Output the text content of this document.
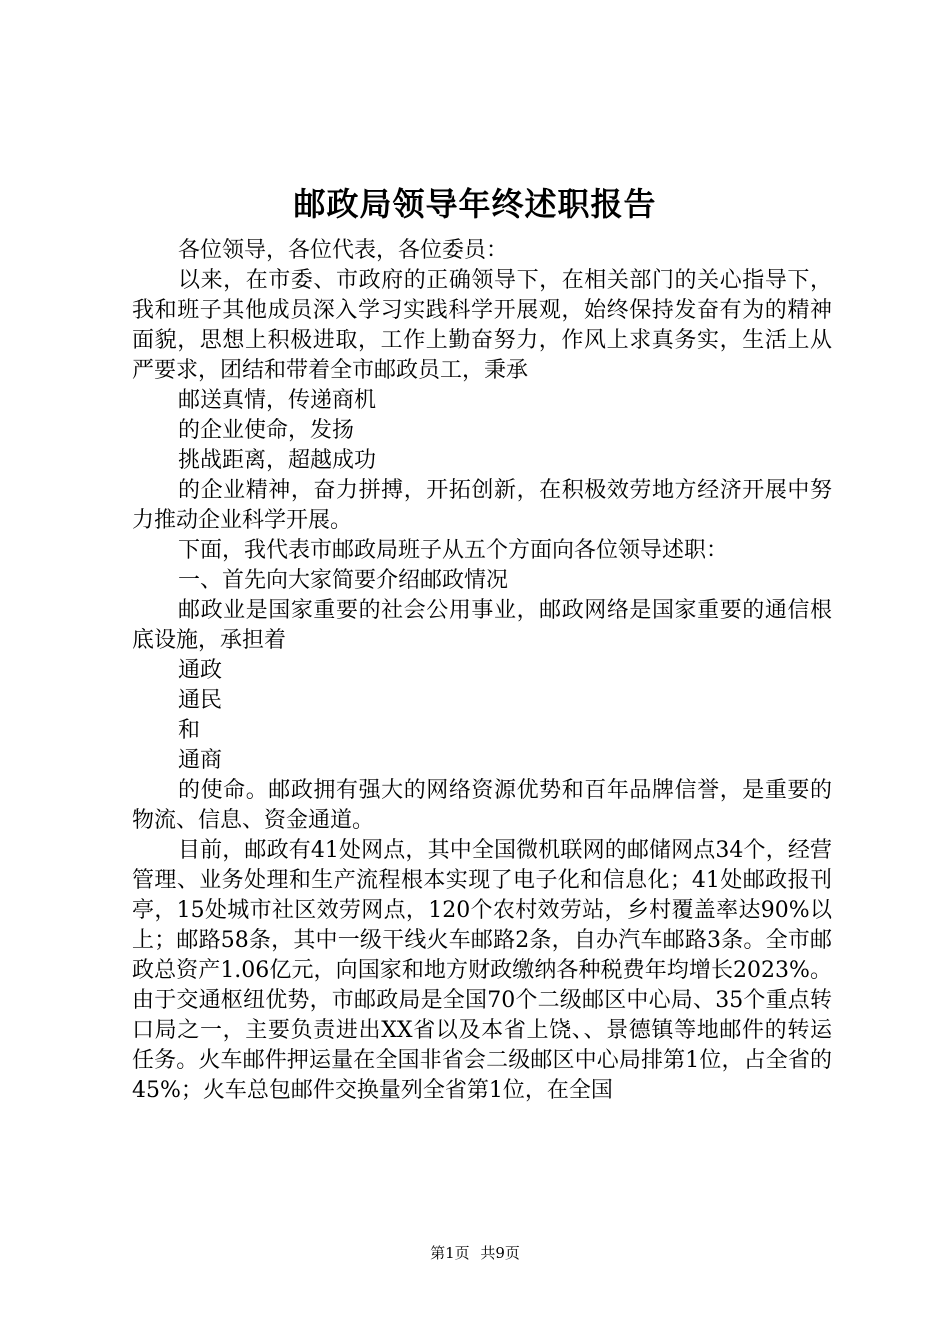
邮政局领导年终述职报告

各位领导，各位代表，各位委员：

以来，在市委、市政府的正确领导下，在相关部门的关心指导下，我和班子其他成员深入学习实践科学开展观，始终保持发奋有为的精神面貌，思想上积极进取，工作上勤奋努力，作风上求真务实，生活上从严要求，团结和带着全市邮政员工，秉承

邮送真情，传递商机

的企业使命，发扬

挑战距离，超越成功

的企业精神，奋力拼搏，开拓创新，在积极效劳地方经济开展中努力推动企业科学开展。

下面，我代表市邮政局班子从五个方面向各位领导述职：

一、首先向大家简要介绍邮政情况

邮政业是国家重要的社会公用事业，邮政网络是国家重要的通信根底设施，承担着

通政

通民

和

通商

的使命。邮政拥有强大的网络资源优势和百年品牌信誉，是重要的物流、信息、资金通道。

目前，邮政有41处网点，其中全国微机联网的邮储网点34个，经营管理、业务处理和生产流程根本实现了电子化和信息化；41处邮政报刊亭，15处城市社区效劳网点，120个农村效劳站，乡村覆盖率达90%以上；邮路58条，其中一级干线火车邮路2条，自办汽车邮路3条。全市邮政总资产1.06亿元，向国家和地方财政缴纳各种税费年均增长2023%。由于交通枢纽优势，市邮政局是全国70个二级邮区中心局、35个重点转口局之一，主要负责进出XX省以及本省上饶、、景德镇等地邮件的转运任务。火车邮件押运量在全国非省会二级邮区中心局排第1位，占全省的45%；火车总包邮件交换量列全省第1位，在全国

第1页 共9页
